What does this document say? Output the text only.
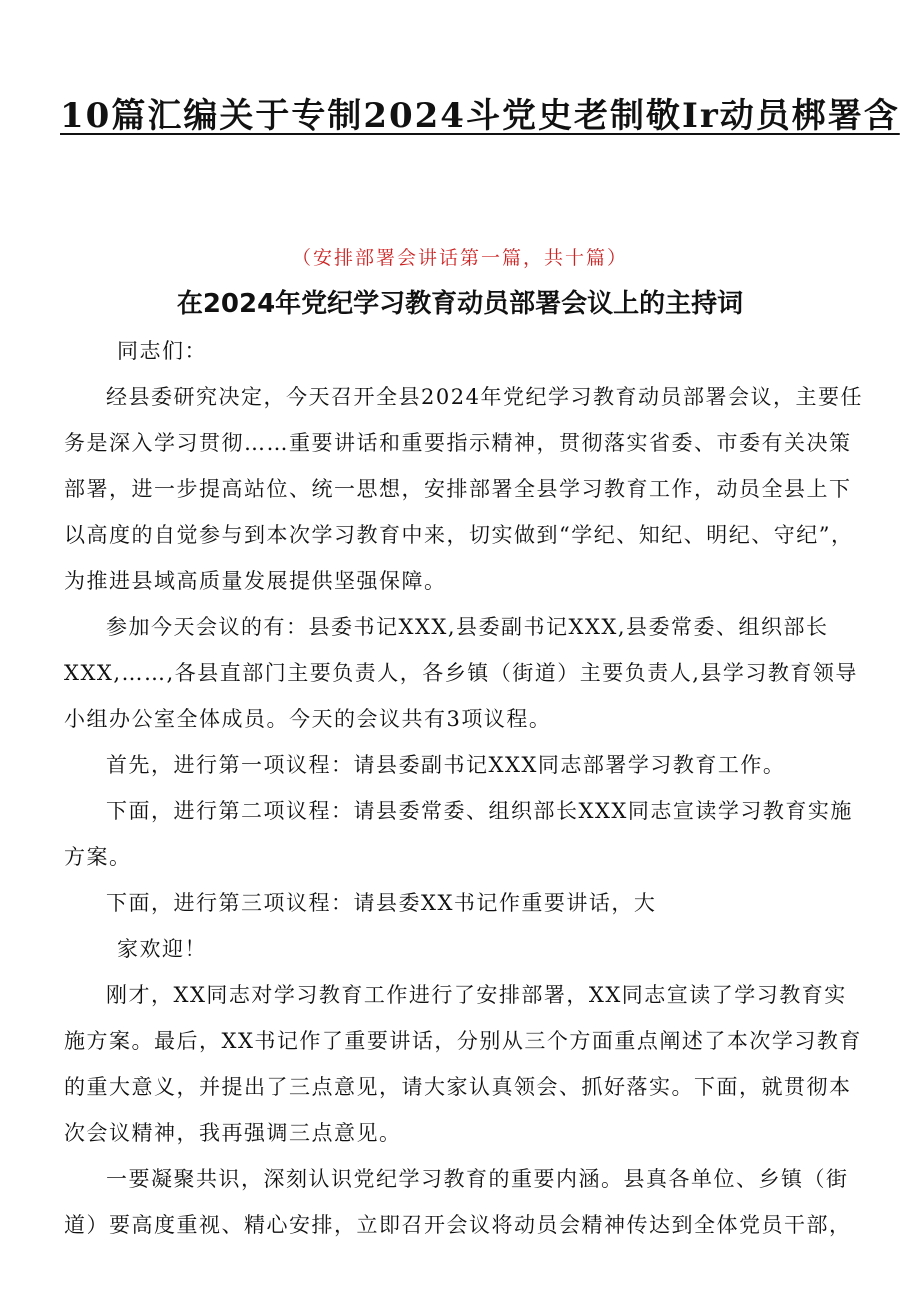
10篇汇编关于专制2024斗党史老制敬Ir动员梆署含
（安排部署会讲话第一篇，共十篇）
在2024年党纪学习教育动员部署会议上的主持词

同志们：

经县委研究决定，今天召开全县2024年党纪学习教育动员部署会议，主要任务是深入学习贯彻……重要讲话和重要指示精神，贯彻落实省委、市委有关决策部署，进一步提高站位、统一思想，安排部署全县学习教育工作，动员全县上下以高度的自觉参与到本次学习教育中来，切实做到“学纪、知纪、明纪、守纪”，为推进县域高质量发展提供坚强保障。

参加今天会议的有：县委书记XXX,县委副书记XXX,县委常委、组织部长XXX,……,各县直部门主要负责人，各乡镇（街道）主要负责人,县学习教育领导小组办公室全体成员。今天的会议共有3项议程。

首先，进行第一项议程：请县委副书记XXX同志部署学习教育工作。

下面，进行第二项议程：请县委常委、组织部长XXX同志宣读学习教育实施方案。

下面，进行第三项议程：请县委XX书记作重要讲话，大

家欢迎！

刚才，XX同志对学习教育工作进行了安排部署，XX同志宣读了学习教育实施方案。最后，XX书记作了重要讲话，分别从三个方面重点阐述了本次学习教育的重大意义，并提出了三点意见，请大家认真领会、抓好落实。下面，就贯彻本次会议精神，我再强调三点意见。

一要凝聚共识，深刻认识党纪学习教育的重要内涵。县真各单位、乡镇（街道）要高度重视、精心安排，立即召开会议将动员会精神传达到全体党员干部，
